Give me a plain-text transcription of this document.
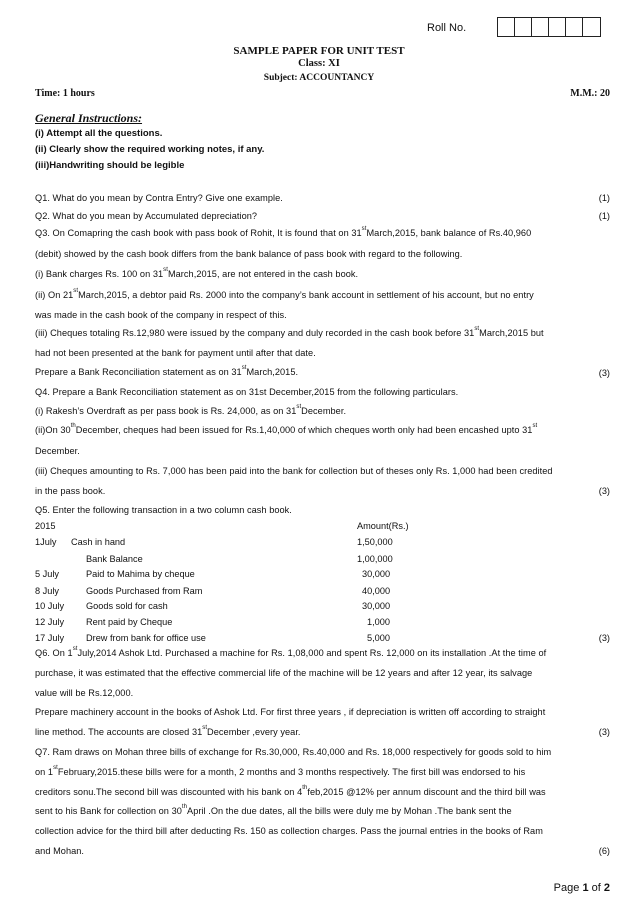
Roll No.
SAMPLE PAPER FOR UNIT TEST
Class: XI
Subject: ACCOUNTANCY
Time: 1 hours	M.M.: 20
General Instructions:
(i) Attempt all the questions.
(ii) Clearly show the required working notes, if any.
(iii)Handwriting should be legible
Q1. What do you mean by Contra Entry? Give one example.	(1)
Q2. What do you mean by Accumulated depreciation?	(1)
Q3. On Comapring the cash book with pass book of Rohit, It is found that on 31stMarch,2015, bank balance of Rs.40,960
(debit) showed by the cash book differs from the bank balance of pass book with regard to the following.
(i) Bank charges Rs. 100 on 31stMarch,2015, are not entered in the cash book.
(ii) On 21stMarch,2015, a debtor paid Rs. 2000 into the company’s bank account in settlement of his account, but no entry
was made in the cash book of the company in respect of this.
(iii) Cheques totaling Rs.12,980 were issued by the company and duly recorded in the cash book before 31stMarch,2015 but
had not been presented at the bank for payment until after that date.
Prepare a Bank Reconciliation statement as on 31stMarch,2015.	(3)
Q4. Prepare a Bank Reconciliation statement as on 31st December,2015 from the following particulars.
(i) Rakesh’s Overdraft as per pass book is Rs. 24,000, as on 31stDecember.
(ii)On 30thDecember, cheques had been issued for Rs.1,40,000 of which cheques worth only had been encashed upto 31st
December.
(iii) Cheques amounting to Rs. 7,000 has been paid into the bank for collection but of theses only Rs. 1,000 had been credited
in the pass book.	(3)
Q5. Enter the following transaction in a two column cash book.
2015	Amount(Rs.)
1July Cash in hand	1,50,000
Bank Balance	1,00,000
5 July	Paid to Mahima by cheque	30,000
8 July	Goods Purchased from Ram	40,000
10 July Goods sold for cash	30,000
12 July Rent paid by Cheque	1,000
17 July Drew from bank for office use	5,000	(3)
Q6. On 1stJuly,2014 Ashok Ltd. Purchased a machine for Rs. 1,08,000 and spent Rs. 12,000 on its installation .At the time of
purchase, it was estimated that the effective commercial life of the machine will be 12 years and after 12 year, its salvage
value will be Rs.12,000.
Prepare machinery account in the books of Ashok Ltd. For first three years , if depreciation is written off according to straight
line method. The accounts are closed 31stDecember ,every year.	(3)
Q7. Ram draws on Mohan three bills of exchange for Rs.30,000, Rs.40,000 and Rs. 18,000 respectively for goods sold to him
on 1stFebruary,2015.these bills were for a month, 2 months and 3 months respectively. The first bill was endorsed to his
creditors sonu.The second bill was discounted with his bank on 4thfeb,2015 @12% per annum discount and the third bill was
sent to his Bank for collection on 30thApril .On the due dates, all the bills were duly me by Mohan .The bank sent the
collection advice for the third bill after deducting Rs. 150 as collection charges. Pass the journal entries in the books of Ram
and Mohan.	(6)
Page 1 of 2
